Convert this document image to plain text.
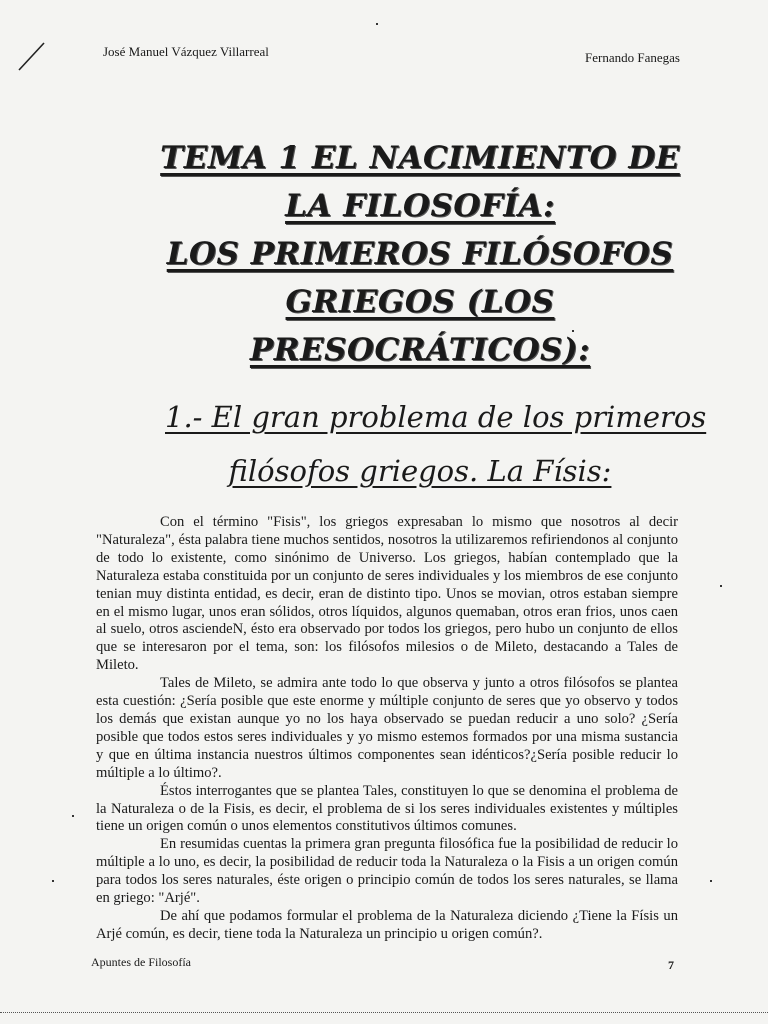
José Manuel Vázquez Villarreal	Fernando Fanegas
TEMA 1 EL NACIMIENTO DE
LA FILOSOFÍA:
LOS PRIMEROS FILÓSOFOS
GRIEGOS (LOS
PRESOCRÁTICOS):
1.- El gran problema de los primeros
filósofos griegos. La Físis:

Con el término "Fisis", los griegos expresaban lo mismo que nosotros al decir "Naturaleza", ésta palabra tiene muchos sentidos, nosotros la utilizaremos refiriendonos al conjunto de todo lo existente, como sinónimo de Universo. Los griegos, habían contemplado que la Naturaleza estaba constituida por un conjunto de seres individuales y los miembros de ese conjunto tenian muy distinta entidad, es decir, eran de distinto tipo. Unos se movian, otros estaban siempre en el mismo lugar, unos eran sólidos, otros líquidos, algunos quemaban, otros eran frios, unos caen al suelo, otros asciendeN, ésto era observado por todos los griegos, pero hubo un conjunto de ellos que se interesaron por el tema, son: los filósofos milesios o de Mileto, destacando a Tales de Mileto.

Tales de Mileto, se admira ante todo lo que observa y junto a otros filósofos se plantea esta cuestión: ¿Sería posible que este enorme y múltiple conjunto de seres que yo observo y todos los demás que existan aunque yo no los haya observado se puedan reducir a uno solo? ¿Sería posible que todos estos seres individuales y yo mismo estemos formados por una misma sustancia y que en última instancia nuestros últimos componentes sean idénticos?¿Sería posible reducir lo múltiple a lo último?.

Éstos interrogantes que se plantea Tales, constituyen lo que se denomina el problema de la Naturaleza o de la Fisis, es decir, el problema de si los seres individuales existentes y múltiples tiene un origen común o unos elementos constitutivos últimos comunes.

En resumidas cuentas la primera gran pregunta filosófica fue la posibilidad de reducir lo múltiple a lo uno, es decir, la posibilidad de reducir toda la Naturaleza o la Fisis a un origen común para todos los seres naturales, éste origen o principio común de todos los seres naturales, se llama en griego: "Arjé".

De ahí que podamos formular el problema de la Naturaleza diciendo ¿Tiene la Físis un Arjé común, es decir, tiene toda la Naturaleza un principio u origen común?.

Apuntes de Filosofía	7
